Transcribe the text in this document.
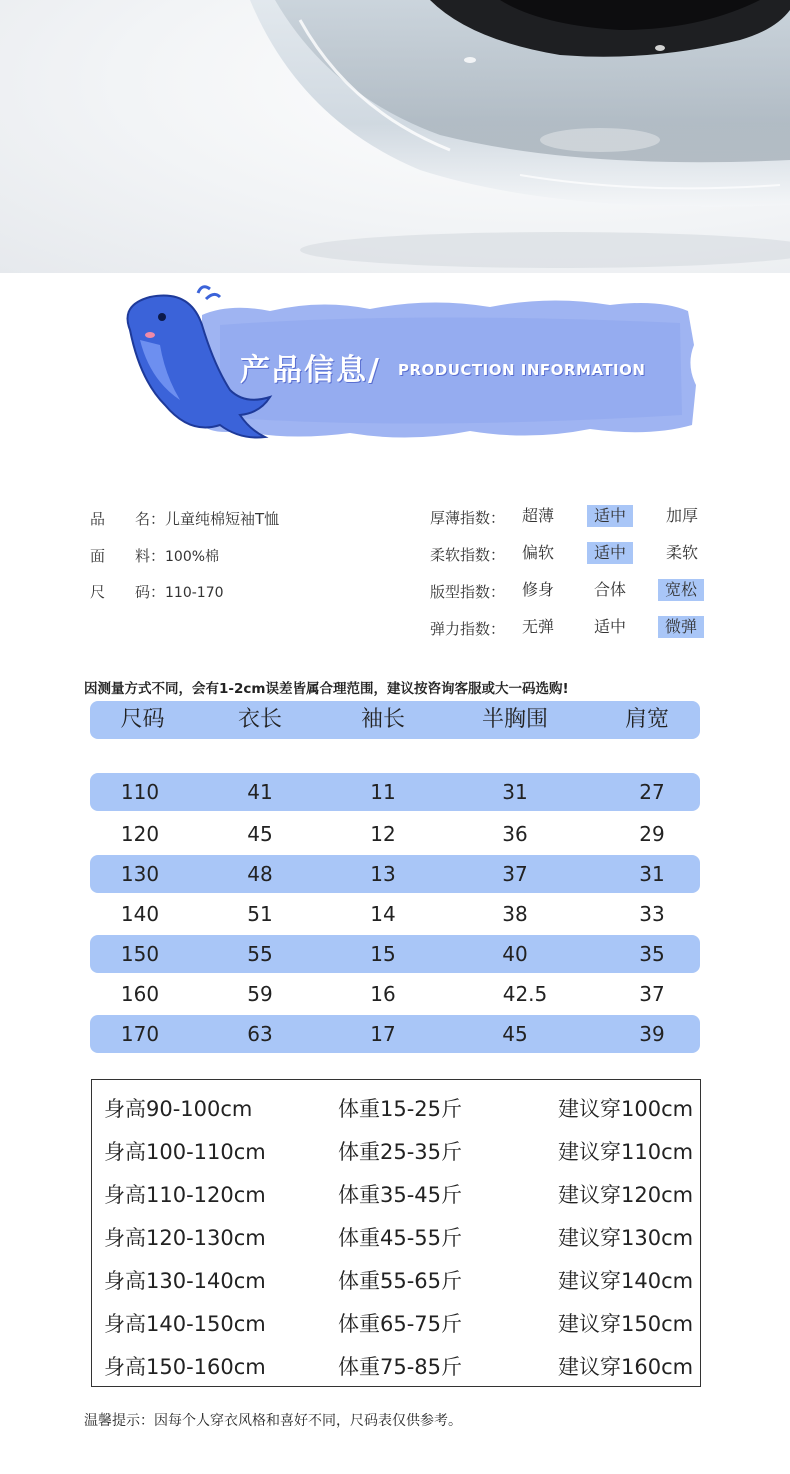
产品信息/ PRODUCTION INFORMATION
品　　名：儿童纯棉短袖T恤
面　　料：100%棉
尺　　码：110-170
厚薄指数：	超薄	适中	加厚
柔软指数：	偏软	适中	柔软
版型指数：	修身	合体	宽松
弹力指数：	无弹	适中	微弹
因测量方式不同，会有1-2cm误差皆属合理范围，建议按咨询客服或大一码选购!
尺码	衣长	袖长	半胸围	肩宽
110	41	11	31	27
120	45	12	36	29
130	48	13	37	31
140	51	14	38	33
150	55	15	40	35
160	59	16	42.5	37
170	63	17	45	39
身高90-100cm	体重15-25斤	建议穿100cm
身高100-110cm	体重25-35斤	建议穿110cm
身高110-120cm	体重35-45斤	建议穿120cm
身高120-130cm	体重45-55斤	建议穿130cm
身高130-140cm	体重55-65斤	建议穿140cm
身高140-150cm	体重65-75斤	建议穿150cm
身高150-160cm	体重75-85斤	建议穿160cm
温馨提示：因每个人穿衣风格和喜好不同，尺码表仅供参考。
